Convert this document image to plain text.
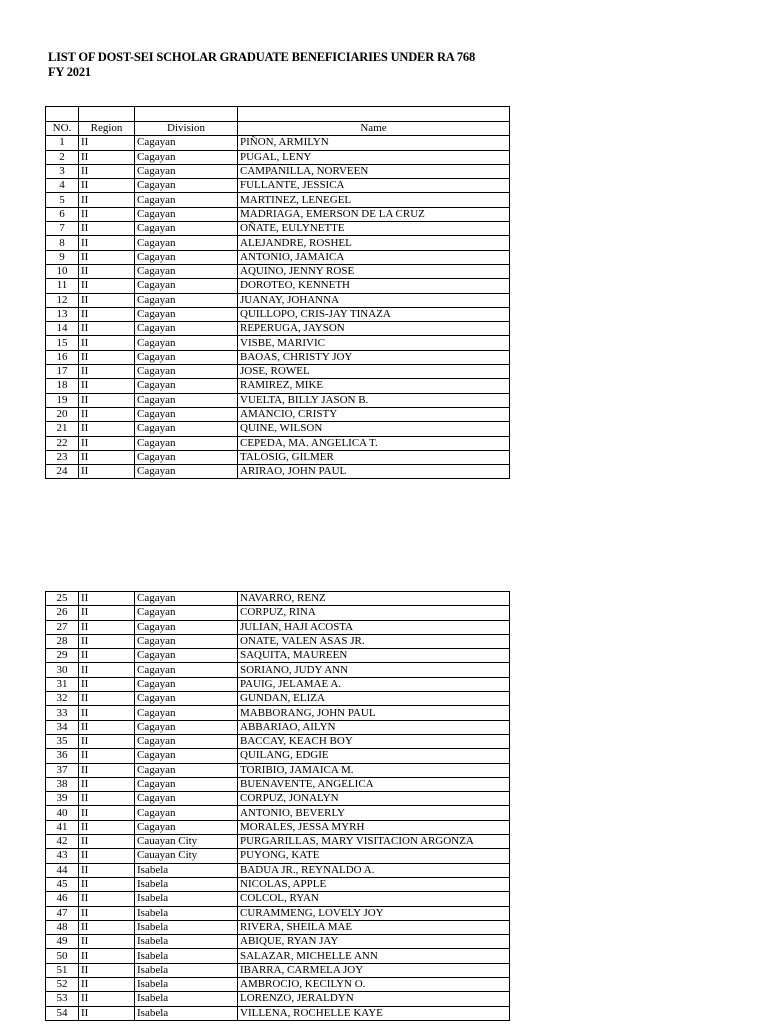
LIST OF DOST-SEI SCHOLAR GRADUATE BENEFICIARIES UNDER RA 768
FY 2021

NO.	Region	Division	Name
1	II	Cagayan	PIÑON, ARMILYN
2	II	Cagayan	PUGAL, LENY
3	II	Cagayan	CAMPANILLA, NORVEEN
4	II	Cagayan	FULLANTE, JESSICA
5	II	Cagayan	MARTINEZ, LENEGEL
6	II	Cagayan	MADRIAGA, EMERSON DE LA CRUZ
7	II	Cagayan	OÑATE, EULYNETTE
8	II	Cagayan	ALEJANDRE, ROSHEL
9	II	Cagayan	ANTONIO, JAMAICA
10	II	Cagayan	AQUINO, JENNY ROSE
11	II	Cagayan	DOROTEO, KENNETH
12	II	Cagayan	JUANAY, JOHANNA
13	II	Cagayan	QUILLOPO, CRIS-JAY TINAZA
14	II	Cagayan	REPERUGA, JAYSON
15	II	Cagayan	VISBE, MARIVIC
16	II	Cagayan	BAOAS, CHRISTY JOY
17	II	Cagayan	JOSE, ROWEL
18	II	Cagayan	RAMIREZ, MIKE
19	II	Cagayan	VUELTA, BILLY JASON B.
20	II	Cagayan	AMANCIO, CRISTY
21	II	Cagayan	QUINE, WILSON
22	II	Cagayan	CEPEDA, MA. ANGELICA T.
23	II	Cagayan	TALOSIG, GILMER
24	II	Cagayan	ARIRAO, JOHN PAUL
25	II	Cagayan	NAVARRO, RENZ
26	II	Cagayan	CORPUZ, RINA
27	II	Cagayan	JULIAN, HAJI ACOSTA
28	II	Cagayan	ONATE, VALEN ASAS JR.
29	II	Cagayan	SAQUITA, MAUREEN
30	II	Cagayan	SORIANO, JUDY ANN
31	II	Cagayan	PAUIG, JELAMAE A.
32	II	Cagayan	GUNDAN, ELIZA
33	II	Cagayan	MABBORANG, JOHN PAUL
34	II	Cagayan	ABBARIAO, AILYN
35	II	Cagayan	BACCAY, KEACH BOY
36	II	Cagayan	QUILANG, EDGIE
37	II	Cagayan	TORIBIO, JAMAICA M.
38	II	Cagayan	BUENAVENTE, ANGELICA
39	II	Cagayan	CORPUZ, JONALYN
40	II	Cagayan	ANTONIO, BEVERLY
41	II	Cagayan	MORALES, JESSA MYRH
42	II	Cauayan City	PURGARILLAS, MARY VISITACION ARGONZA
43	II	Cauayan City	PUYONG, KATE
44	II	Isabela	BADUA JR., REYNALDO A.
45	II	Isabela	NICOLAS, APPLE
46	II	Isabela	COLCOL, RYAN
47	II	Isabela	CURAMMENG, LOVELY JOY
48	II	Isabela	RIVERA, SHEILA MAE
49	II	Isabela	ABIQUE, RYAN JAY
50	II	Isabela	SALAZAR, MICHELLE ANN
51	II	Isabela	IBARRA, CARMELA JOY
52	II	Isabela	AMBROCIO, KECILYN O.
53	II	Isabela	LORENZO, JERALDYN
54	II	Isabela	VILLENA, ROCHELLE KAYE
